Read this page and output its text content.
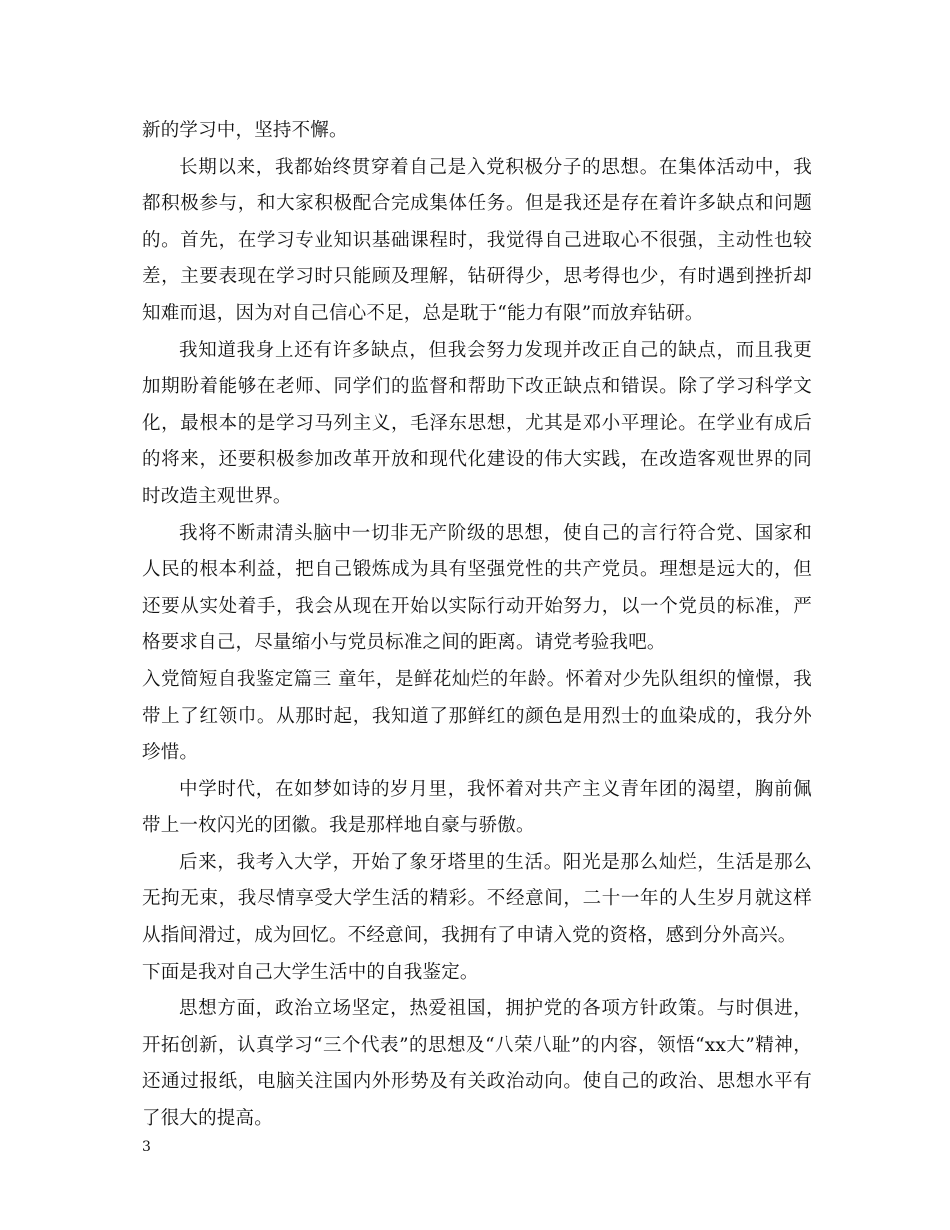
新的学习中，坚持不懈。

长期以来，我都始终贯穿着自己是入党积极分子的思想。在集体活动中，我都积极参与，和大家积极配合完成集体任务。但是我还是存在着许多缺点和问题的。首先，在学习专业知识基础课程时，我觉得自己进取心不很强，主动性也较差，主要表现在学习时只能顾及理解，钻研得少，思考得也少，有时遇到挫折却知难而退，因为对自己信心不足，总是耽于“能力有限”而放弃钻研。

我知道我身上还有许多缺点，但我会努力发现并改正自己的缺点，而且我更加期盼着能够在老师、同学们的监督和帮助下改正缺点和错误。除了学习科学文化，最根本的是学习马列主义，毛泽东思想，尤其是邓小平理论。在学业有成后的将来，还要积极参加改革开放和现代化建设的伟大实践，在改造客观世界的同时改造主观世界。

我将不断肃清头脑中一切非无产阶级的思想，使自己的言行符合党、国家和人民的根本利益，把自己锻炼成为具有坚强党性的共产党员。理想是远大的，但还要从实处着手，我会从现在开始以实际行动开始努力，以一个党员的标准，严格要求自己，尽量缩小与党员标准之间的距离。请党考验我吧。

入党简短自我鉴定篇三 童年，是鲜花灿烂的年龄。怀着对少先队组织的憧憬，我带上了红领巾。从那时起，我知道了那鲜红的颜色是用烈士的血染成的，我分外珍惜。

中学时代，在如梦如诗的岁月里，我怀着对共产主义青年团的渴望，胸前佩带上一枚闪光的团徽。我是那样地自豪与骄傲。

后来，我考入大学，开始了象牙塔里的生活。阳光是那么灿烂，生活是那么无拘无束，我尽情享受大学生活的精彩。不经意间，二十一年的人生岁月就这样从指间滑过，成为回忆。不经意间，我拥有了申请入党的资格，感到分外高兴。

下面是我对自己大学生活中的自我鉴定。

思想方面，政治立场坚定，热爱祖国，拥护党的各项方针政策。与时俱进，开拓创新，认真学习“三个代表”的思想及“八荣八耻”的内容，领悟“xx大”精神，还通过报纸，电脑关注国内外形势及有关政治动向。使自己的政治、思想水平有了很大的提高。

3
